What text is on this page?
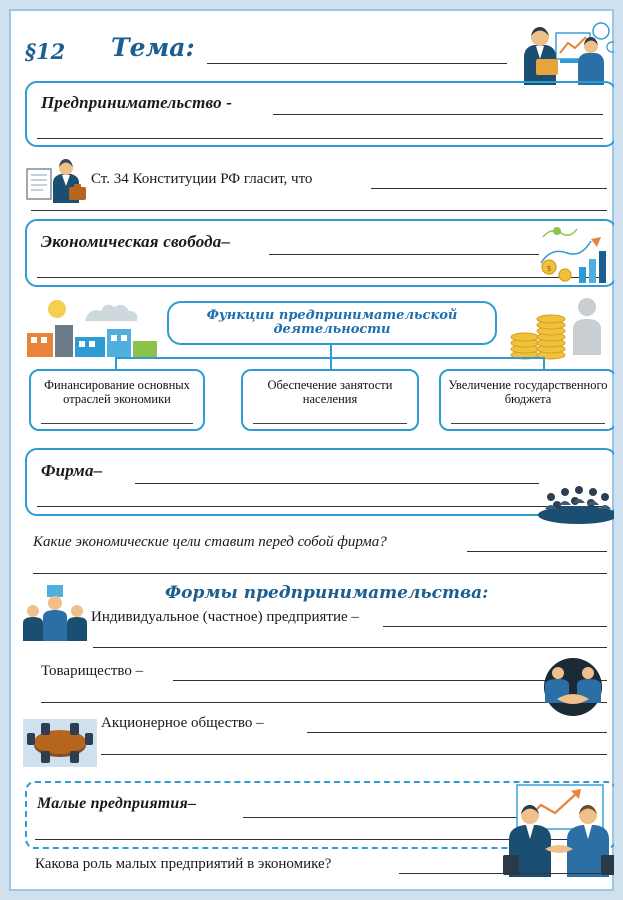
§12 Тема:
Предпринимательство -
Ст. 34 Конституции РФ гласит, что
Экономическая свобода–
$
Функции предпринимательской деятельности
Финансирование основных отраслей экономики
Обеспечение занятости населения
Увеличение государственного бюджета
Фирма–
Какие экономические цели ставит перед собой фирма?
Формы предпринимательства:
Индивидуальное (частное) предприятие –
Товарищество –
Акционерное общество –
Малые предприятия–
Какова роль малых предприятий в экономике?
